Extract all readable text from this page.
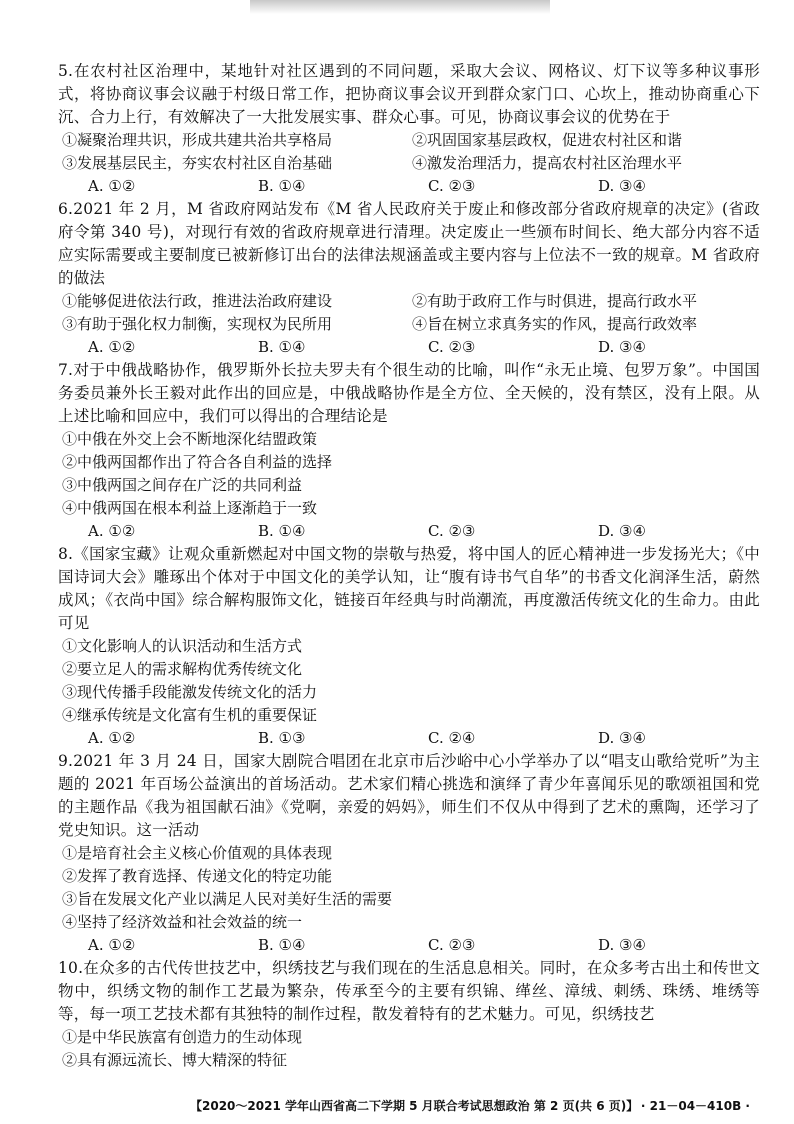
5.在农村社区治理中，某地针对社区遇到的不同问题，采取大会议、网格议、灯下议等多种议事形式，将协商议事会议融于村级日常工作，把协商议事会议开到群众家门口、心坎上，推动协商重心下沉、合力上行，有效解决了一大批发展实事、群众心事。可见，协商议事会议的优势在于
①凝聚治理共识，形成共建共治共享格局	②巩固国家基层政权，促进农村社区和谐
③发展基层民主，夯实农村社区自治基础	④激发治理活力，提高农村社区治理水平
A. ①②	B. ①④	C. ②③	D. ③④
6.2021 年 2 月，M 省政府网站发布《M 省人民政府关于废止和修改部分省政府规章的决定》(省政府令第 340 号)，对现行有效的省政府规章进行清理。决定废止一些颁布时间长、绝大部分内容不适应实际需要或主要制度已被新修订出台的法律法规涵盖或主要内容与上位法不一致的规章。M 省政府的做法
①能够促进依法行政，推进法治政府建设	②有助于政府工作与时俱进，提高行政水平
③有助于强化权力制衡，实现权为民所用	④旨在树立求真务实的作风，提高行政效率
A. ①②	B. ①④	C. ②③	D. ③④
7.对于中俄战略协作，俄罗斯外长拉夫罗夫有个很生动的比喻，叫作“永无止境、包罗万象”。中国国务委员兼外长王毅对此作出的回应是，中俄战略协作是全方位、全天候的，没有禁区，没有上限。从上述比喻和回应中，我们可以得出的合理结论是
①中俄在外交上会不断地深化结盟政策
②中俄两国都作出了符合各自利益的选择
③中俄两国之间存在广泛的共同利益
④中俄两国在根本利益上逐渐趋于一致
A. ①②	B. ①④	C. ②③	D. ③④
8.《国家宝藏》让观众重新燃起对中国文物的崇敬与热爱，将中国人的匠心精神进一步发扬光大；《中国诗词大会》雕琢出个体对于中国文化的美学认知，让“腹有诗书气自华”的书香文化润泽生活，蔚然成风；《衣尚中国》综合解构服饰文化，链接百年经典与时尚潮流，再度激活传统文化的生命力。由此可见
①文化影响人的认识活动和生活方式
②要立足人的需求解构优秀传统文化
③现代传播手段能激发传统文化的活力
④继承传统是文化富有生机的重要保证
A. ①②	B. ①③	C. ②④	D. ③④
9.2021 年 3 月 24 日，国家大剧院合唱团在北京市后沙峪中心小学举办了以“唱支山歌给党听”为主题的 2021 年百场公益演出的首场活动。艺术家们精心挑选和演绎了青少年喜闻乐见的歌颂祖国和党的主题作品《我为祖国献石油》《党啊，亲爱的妈妈》，师生们不仅从中得到了艺术的熏陶，还学习了党史知识。这一活动
①是培育社会主义核心价值观的具体表现
②发挥了教育选择、传递文化的特定功能
③旨在发展文化产业以满足人民对美好生活的需要
④坚持了经济效益和社会效益的统一
A. ①②	B. ①④	C. ②③	D. ③④
10.在众多的古代传世技艺中，织绣技艺与我们现在的生活息息相关。同时，在众多考古出土和传世文物中，织绣文物的制作工艺最为繁杂，传承至今的主要有织锦、缂丝、漳绒、刺绣、珠绣、堆绣等等，每一项工艺技术都有其独特的制作过程，散发着特有的艺术魅力。可见，织绣技艺
①是中华民族富有创造力的生动体现
②具有源远流长、博大精深的特征
【2020～2021 学年山西省高二下学期 5 月联合考试思想政治 第 2 页(共 6 页)】 · 21－04－410B ·
